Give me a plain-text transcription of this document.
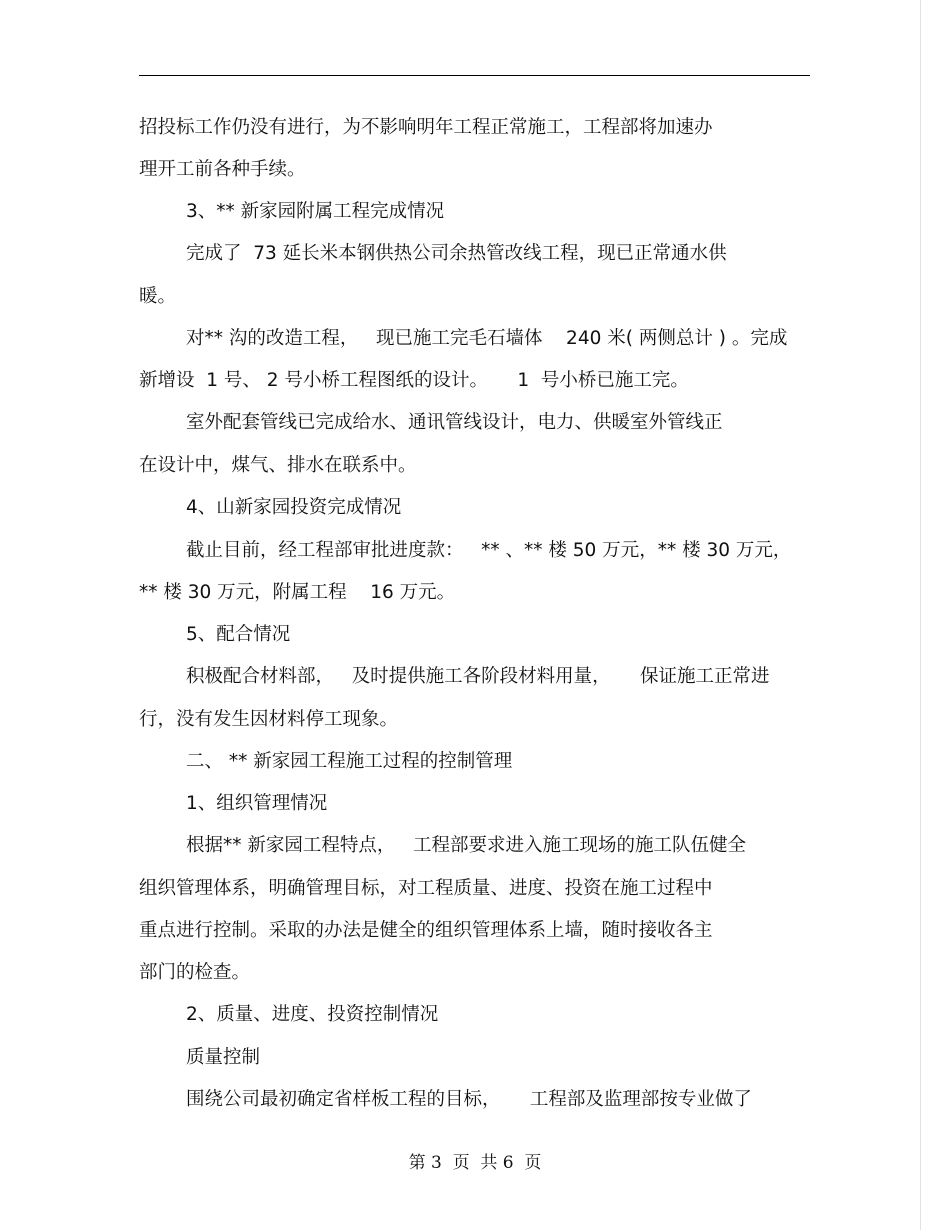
招投标工作仍没有进行，为不影响明年工程正常施工，工程部将加速办
理开工前各种手续。
3、** 新家园附属工程完成情况
完成了  73 延长米本钢供热公司余热管改线工程，现已正常通水供
暖。
对** 沟的改造工程，   现已施工完毛石墙体    240 米( 两侧总计 ) 。完成
新增设  1 号、 2 号小桥工程图纸的设计。     1  号小桥已施工完。
室外配套管线已完成给水、通讯管线设计，电力、供暖室外管线正
在设计中，煤气、排水在联系中。
4、山新家园投资完成情况
截止目前，经工程部审批进度款：   ** 、** 楼 50 万元，** 楼 30 万元，
** 楼 30 万元，附属工程    16 万元。
5、配合情况
积极配合材料部，   及时提供施工各阶段材料用量，     保证施工正常进
行，没有发生因材料停工现象。
二、 ** 新家园工程施工过程的控制管理
1、组织管理情况
根据** 新家园工程特点，   工程部要求进入施工现场的施工队伍健全
组织管理体系，明确管理目标，对工程质量、进度、投资在施工过程中
重点进行控制。采取的办法是健全的组织管理体系上墙，随时接收各主
部门的检查。
2、质量、进度、投资控制情况
质量控制
围绕公司最初确定省样板工程的目标，     工程部及监理部按专业做了
第 3  页  共 6  页
